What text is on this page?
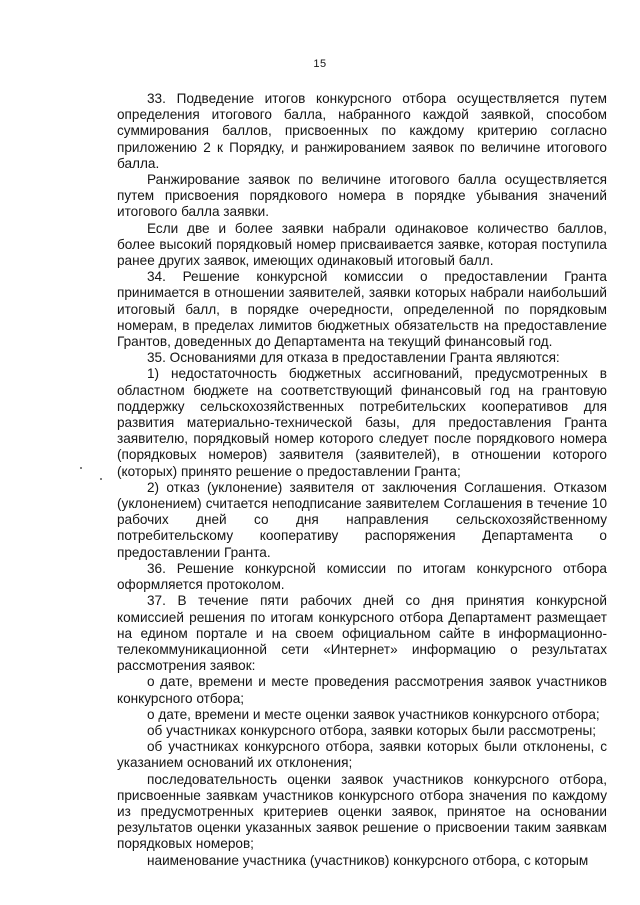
15

33. Подведение итогов конкурсного отбора осуществляется путем определения итогового балла, набранного каждой заявкой, способом суммирования баллов, присвоенных по каждому критерию согласно приложению 2 к Порядку, и ранжированием заявок по величине итогового балла.

Ранжирование заявок по величине итогового балла осуществляется путем присвоения порядкового номера в порядке убывания значений итогового балла заявки.

Если две и более заявки набрали одинаковое количество баллов, более высокий порядковый номер присваивается заявке, которая поступила ранее других заявок, имеющих одинаковый итоговый балл.

34. Решение конкурсной комиссии о предоставлении Гранта принимается в отношении заявителей, заявки которых набрали наибольший итоговый балл, в порядке очередности, определенной по порядковым номерам, в пределах лимитов бюджетных обязательств на предоставление Грантов, доведенных до Департамента на текущий финансовый год.

35. Основаниями для отказа в предоставлении Гранта являются:

1) недостаточность бюджетных ассигнований, предусмотренных в областном бюджете на соответствующий финансовый год на грантовую поддержку сельскохозяйственных потребительских кооперативов для развития материально-технической базы, для предоставления Гранта заявителю, порядковый номер которого следует после порядкового номера (порядковых номеров) заявителя (заявителей), в отношении которого (которых) принято решение о предоставлении Гранта;

2) отказ (уклонение) заявителя от заключения Соглашения. Отказом (уклонением) считается неподписание заявителем Соглашения в течение 10 рабочих дней со дня направления сельскохозяйственному потребительскому кооперативу распоряжения Департамента о предоставлении Гранта.

36. Решение конкурсной комиссии по итогам конкурсного отбора оформляется протоколом.

37. В течение пяти рабочих дней со дня принятия конкурсной комиссией решения по итогам конкурсного отбора Департамент размещает на едином портале и на своем официальном сайте в информационно-телекоммуникационной сети «Интернет» информацию о результатах рассмотрения заявок:

о дате, времени и месте проведения рассмотрения заявок участников конкурсного отбора;

о дате, времени и месте оценки заявок участников конкурсного отбора;

об участниках конкурсного отбора, заявки которых были рассмотрены;

об участниках конкурсного отбора, заявки которых были отклонены, с указанием оснований их отклонения;

последовательность оценки заявок участников конкурсного отбора, присвоенные заявкам участников конкурсного отбора значения по каждому из предусмотренных критериев оценки заявок, принятое на основании результатов оценки указанных заявок решение о присвоении таким заявкам порядковых номеров;

наименование участника (участников) конкурсного отбора, с которым
